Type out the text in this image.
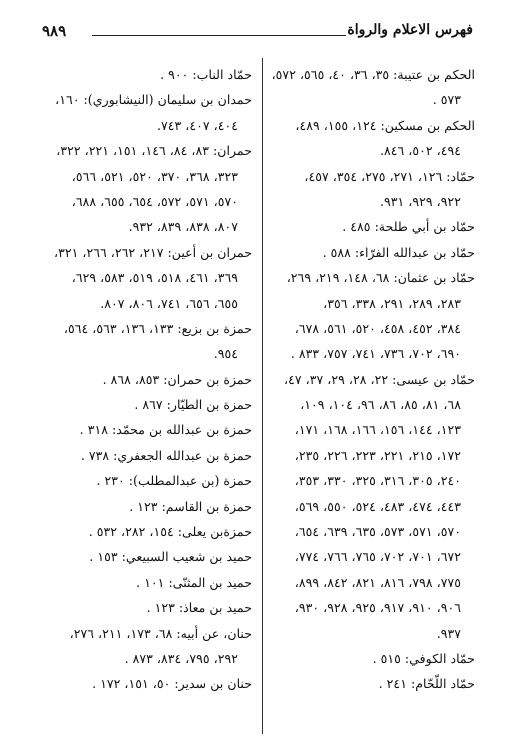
٩٨٩	فهرس الاعلام والرواة
الحكم بن عتيبة: ٣٥، ٣٦، ٤٠، ٥٦٥، ٥٧٢،
٥٧٣ .
الحكم بن مسكين: ١٢٤، ١٥٥، ٤٨٩،
٤٩٤، ٥٠٢، ٨٤٦.
حمّاد: ١٢٦، ٢٧١، ٢٧٥، ٣٥٤، ٤٥٧،
٩٢٢، ٩٢٩، ٩٣١.
حمّاد بن أبي طلحة: ٤٨٥ .
حمّاد بن عبدالله الفرّاء: ٥٨٨ .
حمّاد بن عثمان: ٦٨، ١٤٨، ٢١٩، ٢٦٩،
٢٨٣، ٢٨٩، ٢٩١، ٣٣٨، ٣٥٦،
٣٨٤، ٤٥٢، ٤٥٨، ٥٢٠، ٥٦١، ٦٧٨،
٦٩٠، ٧٠٢، ٧٣٦، ٧٤١، ٧٥٧، ٨٣٣ .
حمّاد بن عيسى: ٢٢، ٢٨، ٢٩، ٣٧، ٤٧،
٦٨، ٨١، ٨٥، ٨٦، ٩٦، ١٠٤، ١٠٩،
١٢٣، ١٤٤، ١٥٦، ١٦٦، ١٦٨، ١٧١،
١٧٢، ٢١٥، ٢٢١، ٢٢٣، ٢٢٦، ٢٣٥،
٢٤٠، ٣٠٥، ٣١٦، ٣٢٥، ٣٣٠، ٣٥٣،
٤٤٣، ٤٧٤، ٤٨٣، ٥٢٤، ٥٥٠، ٥٦٩،
٥٧٠، ٥٧١، ٥٧٣، ٦٣٥، ٦٣٩، ٦٥٤،
٦٧٢، ٧٠١، ٧٠٢، ٧٦٥، ٧٦٦، ٧٧٤،
٧٧٥، ٧٩٨، ٨١٦، ٨٢١، ٨٤٢، ٨٩٩،
٩٠٦، ٩١٠، ٩١٧، ٩٢٥، ٩٢٨، ٩٣٠،
٩٣٧.
حمّاد الكوفي: ٥١٥ .
حمّاد اللّحّام: ٢٤١ .
حمّاد الناب: ٩٠٠ .
حمدان بن سليمان (النيشابوري): ١٦٠،
٤٠٤، ٤٠٧، ٧٤٣.
حمران: ٨٣، ٨٤، ١٤٦، ١٥١، ٢٢١، ٣٢٢،
٣٢٣، ٣٦٨، ٣٧٠، ٥٢٠، ٥٢١، ٥٦٦،
٥٧٠، ٥٧١، ٥٧٢، ٦٥٤، ٦٥٥، ٦٨٨،
٨٠٧، ٨٣٨، ٨٣٩، ٩٣٢.
حمران بن أعين: ٢١٧، ٢٦٢، ٢٦٦، ٣٢١،
٣٦٩، ٤٦١، ٥١٨، ٥١٩، ٥٨٣، ٦٢٩،
٦٥٥، ٦٥٦، ٧٤١، ٨٠٦، ٨٠٧.
حمزة بن بزيع: ١٣٣، ١٣٦، ٥٦٣، ٥٦٤،
٩٥٤.
حمزة بن حمران: ٨٥٣، ٨٦٨ .
حمزة بن الطيّار: ٨٦٧ .
حمزة بن عبدالله بن محمّد: ٣١٨ .
حمزة بن عبدالله الجعفري: ٧٣٨ .
حمزة (بن عبدالمطلب): ٢٣٠ .
حمزة بن القاسم: ١٢٣ .
حمزةبن يعلى: ١٥٤، ٢٨٢، ٥٣٢ .
حميد بن شعيب السبيعي: ١٥٣ .
حميد بن المثنّى: ١٠١ .
حميد بن معاذ: ١٢٣ .
حنان، عن أبيه: ٦٨، ١٧٣، ٢١١، ٢٧٦،
٢٩٢، ٧٩٥، ٨٣٤، ٨٧٣ .
حنان بن سدير: ٥٠، ١٥١، ١٧٢ .
